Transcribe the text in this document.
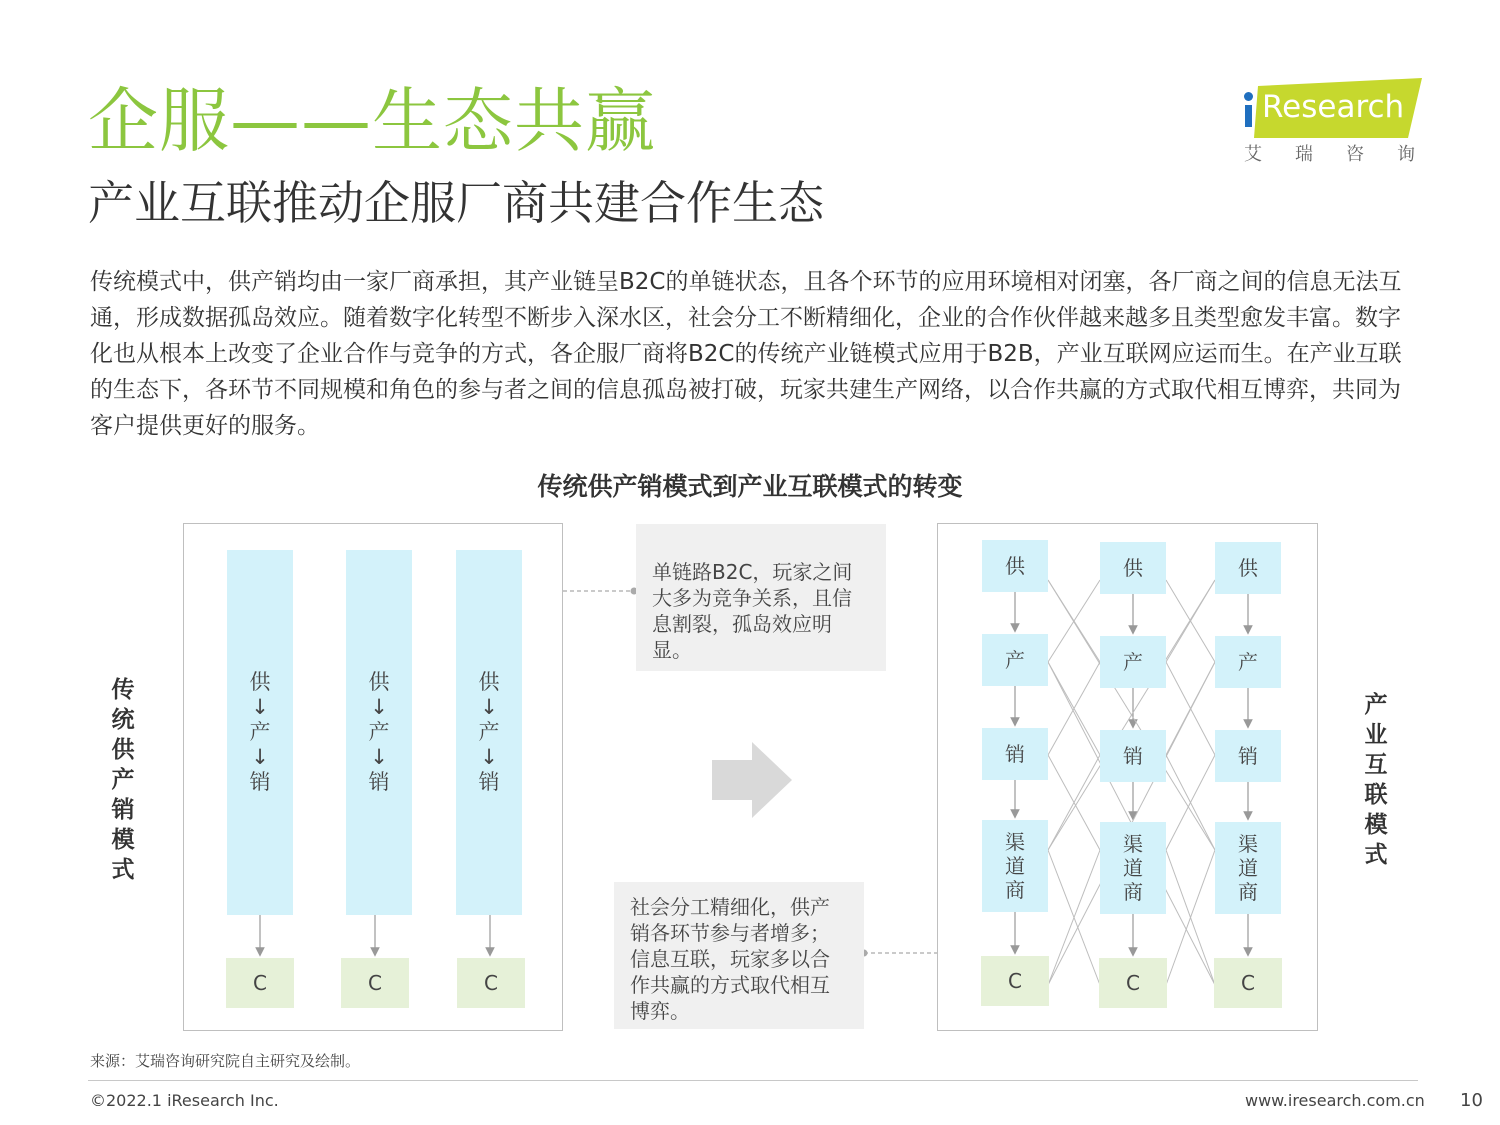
企服——生态共赢
产业互联推动企服厂商共建合作生态
Research
艾瑞咨询
传统模式中，供产销均由一家厂商承担，其产业链呈B2C的单链状态，且各个环节的应用环境相对闭塞，各厂商之间的信息无法互通，形成数据孤岛效应。随着数字化转型不断步入深水区，社会分工不断精细化，企业的合作伙伴越来越多且类型愈发丰富。数字化也从根本上改变了企业合作与竞争的方式，各企服厂商将B2C的传统产业链模式应用于B2B，产业互联网应运而生。在产业互联的生态下，各环节不同规模和角色的参与者之间的信息孤岛被打破，玩家共建生产网络，以合作共赢的方式取代相互博弈，共同为客户提供更好的服务。
传统供产销模式到产业互联模式的转变
传统供产销模式
产业互联模式
供↓产↓销
供↓产↓销
供↓产↓销
C	C	C
供
产
销
渠道商
C
供
产
销
渠道商
C
供
产
销
渠道商
C
单链路B2C，玩家之间大多为竞争关系，且信息割裂，孤岛效应明显。
社会分工精细化，供产销各环节参与者增多；信息互联，玩家多以合作共赢的方式取代相互博弈。
来源：艾瑞咨询研究院自主研究及绘制。
©2022.1 iResearch Inc.	www.iresearch.com.cn 10
